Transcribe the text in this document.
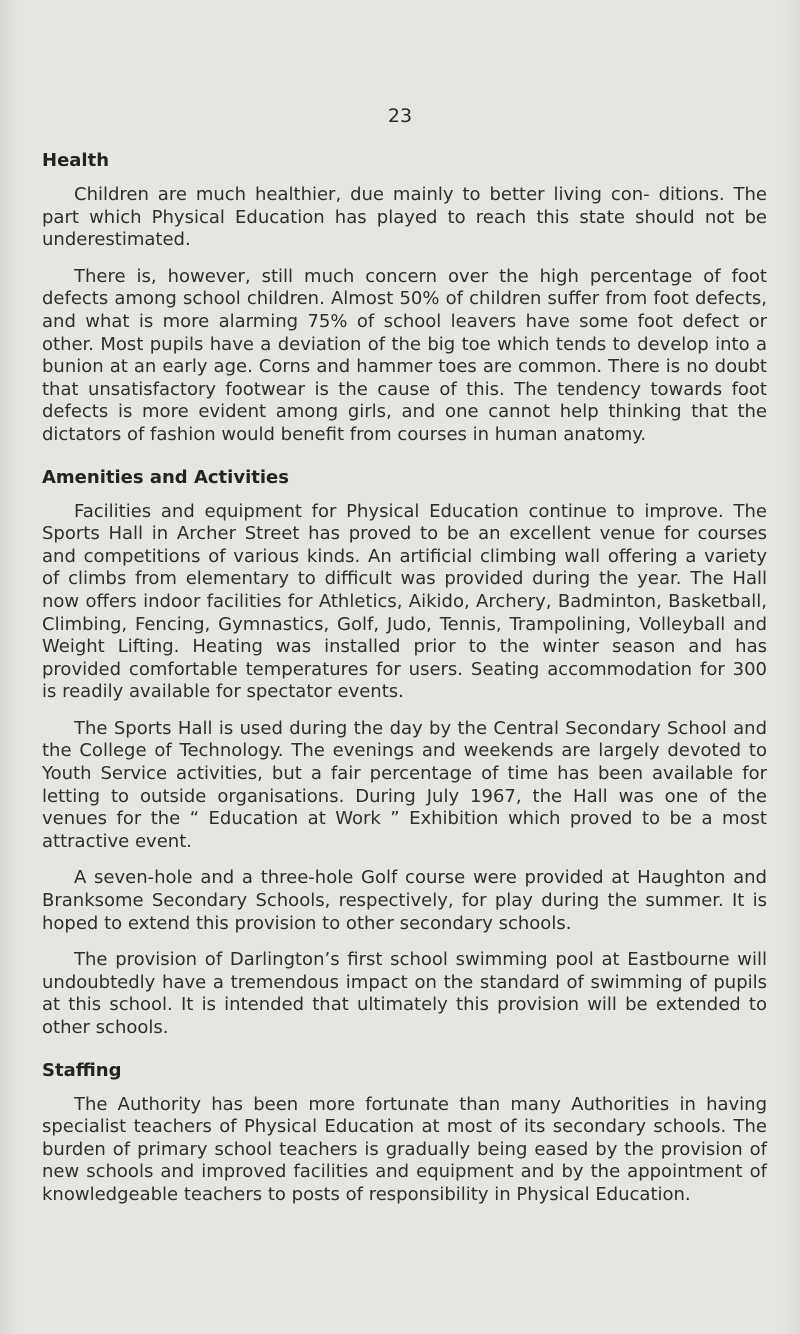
23
Health

Children are much healthier, due mainly to better living con- ditions. The part which Physical Education has played to reach this state should not be underestimated.

There is, however, still much concern over the high percentage of foot defects among school children. Almost 50% of children suffer from foot defects, and what is more alarming 75% of school leavers have some foot defect or other. Most pupils have a deviation of the big toe which tends to develop into a bunion at an early age. Corns and hammer toes are common. There is no doubt that unsatisfactory footwear is the cause of this. The tendency towards foot defects is more evident among girls, and one cannot help thinking that the dictators of fashion would benefit from courses in human anatomy.

Amenities and Activities

Facilities and equipment for Physical Education continue to improve. The Sports Hall in Archer Street has proved to be an excellent venue for courses and competitions of various kinds. An artificial climbing wall offering a variety of climbs from elementary to difficult was provided during the year. The Hall now offers indoor facilities for Athletics, Aikido, Archery, Badminton, Basketball, Climbing, Fencing, Gymnastics, Golf, Judo, Tennis, Trampolining, Volleyball and Weight Lifting. Heating was installed prior to the winter season and has provided comfortable temperatures for users. Seating accommodation for 300 is readily available for spectator events.

The Sports Hall is used during the day by the Central Secondary School and the College of Technology. The evenings and weekends are largely devoted to Youth Service activities, but a fair percentage of time has been available for letting to outside organisations. During July 1967, the Hall was one of the venues for the “ Education at Work ” Exhibition which proved to be a most attractive event.

A seven-hole and a three-hole Golf course were provided at Haughton and Branksome Secondary Schools, respectively, for play during the summer. It is hoped to extend this provision to other secondary schools.

The provision of Darlington’s first school swimming pool at Eastbourne will undoubtedly have a tremendous impact on the standard of swimming of pupils at this school. It is intended that ultimately this provision will be extended to other schools.

Staffing

The Authority has been more fortunate than many Authorities in having specialist teachers of Physical Education at most of its secondary schools. The burden of primary school teachers is gradually being eased by the provision of new schools and improved facilities and equipment and by the appointment of knowledgeable teachers to posts of responsibility in Physical Education.
